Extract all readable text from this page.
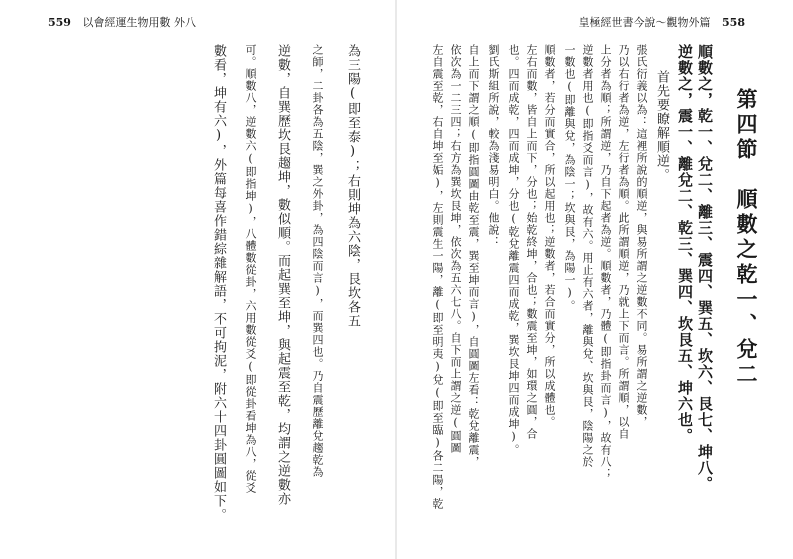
559 以會經運生物用數 外八
為三陽(即至泰)；右則坤為六陰，艮坎各五
之師，二卦各為五陰，巽之外卦，為四陰而言)，而巽四也。乃自震歷離兌趨乾為
逆數，自巽歷坎艮趨坤，數似順。而起巽至坤，與起震至乾，均謂之逆數亦
可。順數八，逆數六(即指坤)，八體數從卦，六用數從爻(即從卦看坤為八，從爻
數看，坤有六)，外篇每喜作錯綜雜解語，不可拘泥，附六十四卦圓圖如下。
皇極經世書今說～觀物外篇 558
第四節　順數之乾一、兌二
順數之，乾一、兌二、離三、震四、巽五、坎六、艮七、坤八。
逆數之，震一、離兌二、乾三、巽四、坎艮五、坤六也。
首先要瞭解順逆。
張氏衍義以為：這裡所說的順逆，與易所謂之逆數不同。易所謂之逆數，
乃以右行者為逆，左行者為順。此所謂順逆，乃就上下而言。所謂順，以自
上分者為順；所謂逆，乃自下起者為逆。順數者，乃體(即指卦而言)，故有八；
逆數者用也(即指爻而言)，故有六。用止有六者，離與兌、坎與艮，陰陽之於
一數也(即離與兌，為陰一；坎與艮，為陽一)。
順數者，若分而實合，所以起用也；逆數者，若合而實分，所以成體也。
左右而數，皆自上而下，分也；始乾終坤，合也；數震至坤，如環之圓，合
也。四而成乾，四而成坤，分也(乾兌離震四而成乾，巽坎艮坤四而成坤)。
劉氏斯組所說，較為淺易明白。他說：
自上而下謂之順(即指圓圖由乾至震，巽至坤而言)，自圓圖左看：乾兌離震，
依次為一二三四；右方為巽坎艮坤，依次為五六七八。自下而上謂之逆(圓圖
左自震至乾，右自坤至姤)，左則震生一陽，離(即至明夷)兌(即至臨)各二陽，乾
